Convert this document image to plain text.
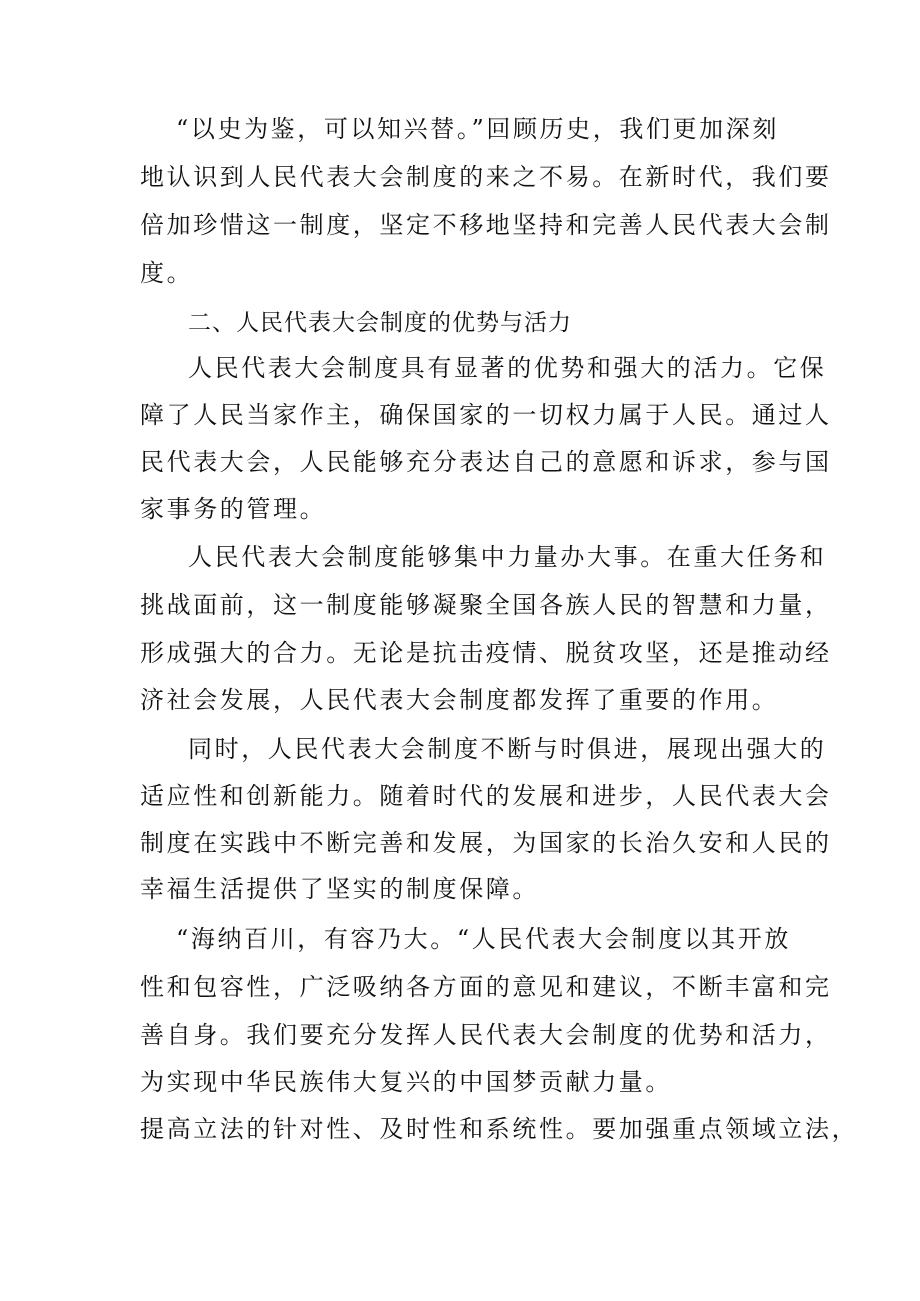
“以史为鉴，可以知兴替。”回顾历史，我们更加深刻
地认识到人民代表大会制度的来之不易。在新时代，我们要
倍加珍惜这一制度，坚定不移地坚持和完善人民代表大会制
度。
二、人民代表大会制度的优势与活力
人民代表大会制度具有显著的优势和强大的活力。它保
障了人民当家作主，确保国家的一切权力属于人民。通过人
民代表大会，人民能够充分表达自己的意愿和诉求，参与国
家事务的管理。
人民代表大会制度能够集中力量办大事。在重大任务和
挑战面前，这一制度能够凝聚全国各族人民的智慧和力量，
形成强大的合力。无论是抗击疫情、脱贫攻坚，还是推动经
济社会发展，人民代表大会制度都发挥了重要的作用。
同时，人民代表大会制度不断与时俱进，展现出强大的
适应性和创新能力。随着时代的发展和进步，人民代表大会
制度在实践中不断完善和发展，为国家的长治久安和人民的
幸福生活提供了坚实的制度保障。
“海纳百川，有容乃大。“人民代表大会制度以其开放
性和包容性，广泛吸纳各方面的意见和建议，不断丰富和完
善自身。我们要充分发挥人民代表大会制度的优势和活力，
为实现中华民族伟大复兴的中国梦贡献力量。
提高立法的针对性、及时性和系统性。要加强重点领域立法，
